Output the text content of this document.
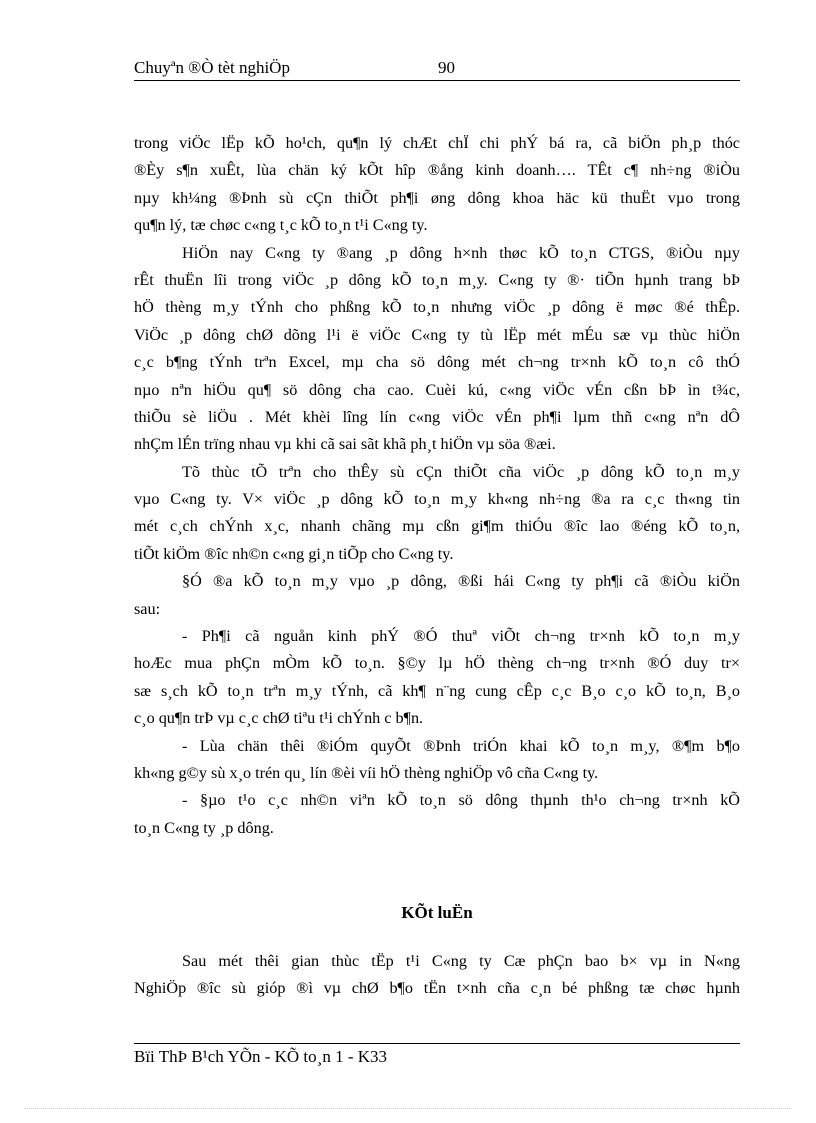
Chuyªn ®Ò tèt nghiÖp	90
trong viÖc lËp kÕ ho¹ch, qu¶n lý chÆt chÏ chi phÝ bá ra, cã biÖn ph¸p thóc
®Èy s¶n xuÊt, lùa chän ký kÕt hîp ®ång kinh doanh…. TÊt c¶ nh÷ng ®iÒu
nµy kh¼ng ®Þnh sù cÇn thiÕt ph¶i øng dông khoa häc kü thuËt vµo trong
qu¶n lý, tæ chøc c«ng t¸c kÕ to¸n t¹i C«ng ty.
HiÖn nay C«ng ty ®ang ¸p dông h×nh thøc kÕ to¸n CTGS, ®iÒu nµy
rÊt thuËn lîi trong viÖc ¸p dông kÕ to¸n m¸y. C«ng ty ®· tiÕn hµnh trang bÞ
hÖ thèng m¸y tÝnh cho phßng kÕ to¸n nhưng viÖc ¸p dông ë møc ®é thÊp.
ViÖc ¸p dông chØ dõng l¹i ë viÖc C«ng ty tù lËp mét mÉu sæ vµ thùc hiÖn
c¸c b¶ng tÝnh trªn Excel, mµ cha sö dông mét ch¬ng tr×nh kÕ to¸n cô thÓ
nµo nªn hiÖu qu¶ sö dông cha cao. Cuèi kú, c«ng viÖc vÉn cßn bÞ ìn t¾c,
thiÕu sè liÖu . Mét khèi lîng lín c«ng viÖc vÉn ph¶i lµm thñ c«ng nªn dÔ
nhÇm lÉn trïng nhau vµ khi cã sai sãt khã ph¸t hiÖn vµ söa ®æi.
Tõ thùc tÕ trªn cho thÊy sù cÇn thiÕt cña viÖc ¸p dông kÕ to¸n m¸y
vµo C«ng ty. V× viÖc ¸p dông kÕ to¸n m¸y kh«ng nh÷ng ®a ra c¸c th«ng tin
mét c¸ch chÝnh x¸c, nhanh chãng mµ cßn gi¶m thiÓu ®îc lao ®éng kÕ to¸n,
tiÕt kiÖm ®îc nh©n c«ng gi¸n tiÕp cho C«ng ty.
§Ó ®a kÕ to¸n m¸y vµo ¸p dông, ®ßi hái C«ng ty ph¶i cã ®iÒu kiÖn
sau:
- Ph¶i cã nguån kinh phÝ ®Ó thuª viÕt ch¬ng tr×nh kÕ to¸n m¸y
hoÆc mua phÇn mÒm kÕ to¸n. §©y lµ hÖ thèng ch¬ng tr×nh ®Ó duy tr×
sæ s¸ch kÕ to¸n trªn m¸y tÝnh, cã kh¶ n¨ng cung cÊp c¸c B¸o c¸o kÕ to¸n, B¸o
c¸o qu¶n trÞ vµ c¸c chØ tiªu t¹i chÝnh c b¶n.
- Lùa chän thêi ®iÓm quyÕt ®Þnh triÓn khai kÕ to¸n m¸y, ®¶m b¶o
kh«ng g©y sù x¸o trén qu¸ lín ®èi víi hÖ thèng nghiÖp vô cña C«ng ty.
- §µo t¹o c¸c nh©n viªn kÕ to¸n sö dông thµnh th¹o ch¬ng tr×nh kÕ
to¸n C«ng ty ¸p dông.
KÕt luËn
Sau mét thêi gian thùc tËp t¹i C«ng ty Cæ phÇn bao b× vµ in N«ng
NghiÖp ®îc sù gióp ®ì vµ chØ b¶o tËn t×nh cña c¸n bé phßng tæ chøc hµnh
Bïi ThÞ B¹ch YÕn - KÕ to¸n 1 - K33
